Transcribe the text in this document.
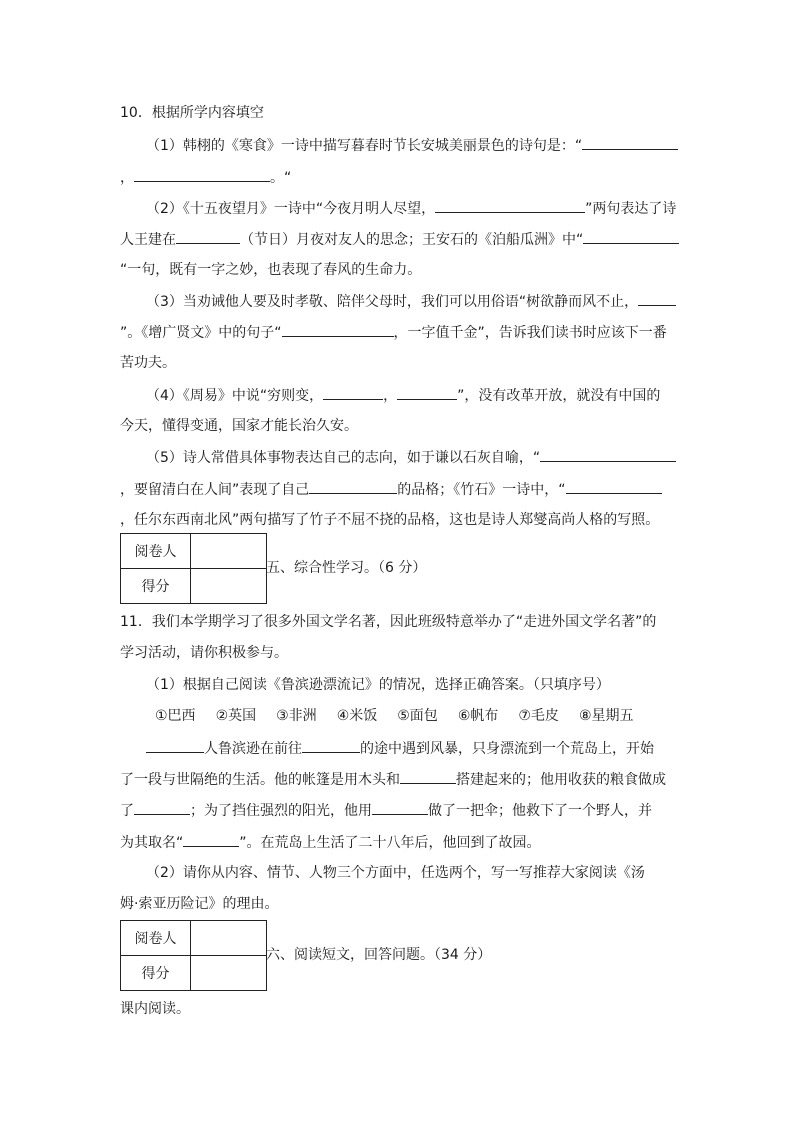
10．根据所学内容填空
（1）韩栩的《寒食》一诗中描写暮春时节长安城美丽景色的诗句是：“
，	。“
（2）《十五夜望月》一诗中“今夜月明人尽望，	”两句表达了诗
人王建在	（节日）月夜对友人的思念；王安石的《泊船瓜洲》中“
“一句，既有一字之妙，也表现了春风的生命力。
（3）当劝诫他人要及时孝敬、陪伴父母时，我们可以用俗语“树欲静而风不止，
”。《增广贤文》中的句子“	，一字值千金”，告诉我们读书时应该下一番
苦功夫。
（4）《周易》中说“穷则变，	，	”，没有改革开放，就没有中国的
今天，懂得变通，国家才能长治久安。
（5）诗人常借具体事物表达自己的志向，如于谦以石灰自喻，“
，要留清白在人间”表现了自己	的品格；《竹石》一诗中，“
，任尔东西南北风”两句描写了竹子不屈不挠的品格，这也是诗人郑燮高尚人格的写照。
阅卷人	
得分	
五、综合性学习。（6 分）
11．我们本学期学习了很多外国文学名著，因此班级特意举办了“走进外国文学名著”的
学习活动，请你积极参与。
（1）根据自己阅读《鲁滨逊漂流记》的情况，选择正确答案。（只填序号）
①巴西 ②英国 ③非洲 ④米饭 ⑤面包 ⑥帆布 ⑦毛皮 ⑧星期五
人鲁滨逊在前往	的途中遇到风暴，只身漂流到一个荒岛上，开始
了一段与世隔绝的生活。他的帐篷是用木头和	搭建起来的；他用收获的粮食做成
了	；为了挡住强烈的阳光，他用	做了一把伞；他救下了一个野人，并
为其取名“	”。在荒岛上生活了二十八年后，他回到了故园。
（2）请你从内容、情节、人物三个方面中，任选两个，写一写推荐大家阅读《汤
姆·索亚历险记》的理由。
阅卷人	
得分	
六、阅读短文，回答问题。（34 分）
课内阅读。
